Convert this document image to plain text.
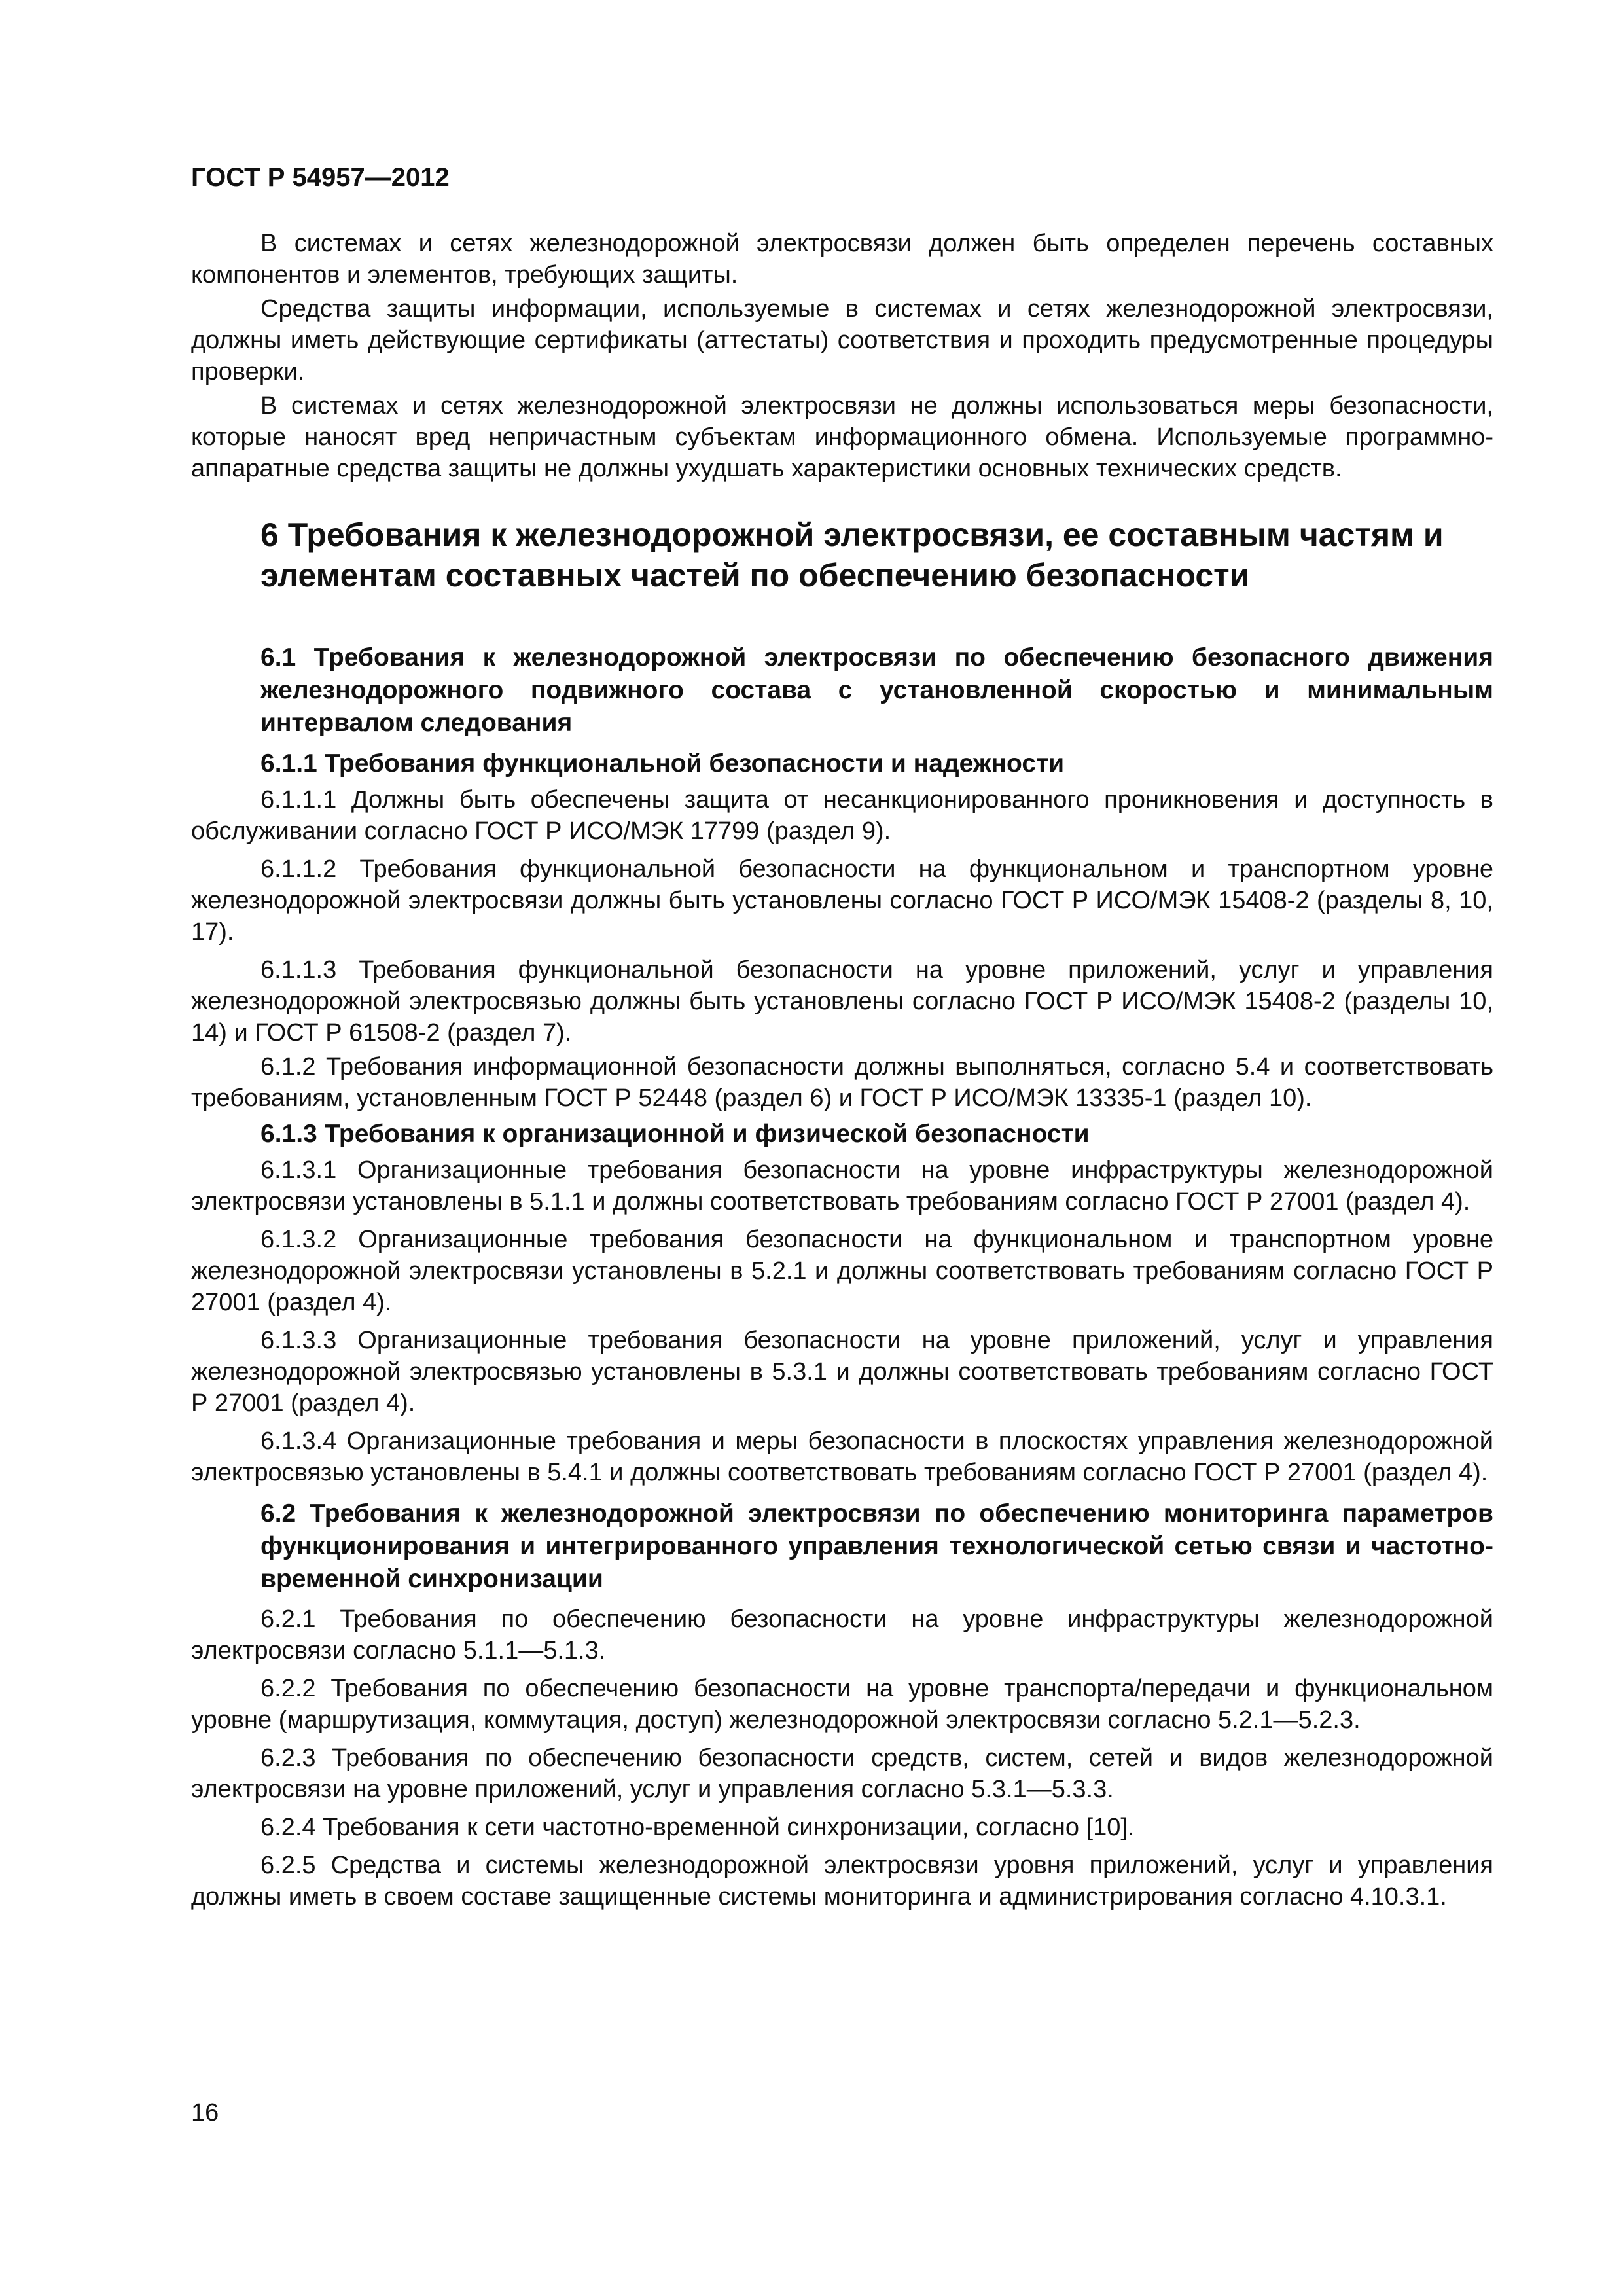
ГОСТ Р 54957—2012

В системах и сетях железнодорожной электросвязи должен быть определен перечень составных компонентов и элементов, требующих защиты.

Средства защиты информации, используемые в системах и сетях железнодорожной электросвязи, должны иметь действующие сертификаты (аттестаты) соответствия и проходить предусмотренные процедуры проверки.

В системах и сетях железнодорожной электросвязи не должны использоваться меры безопасности, которые наносят вред непричастным субъектам информационного обмена. Используемые программно-аппаратные средства защиты не должны ухудшать характеристики основных технических средств.

6 Требования к железнодорожной электросвязи, ее составным частям и элементам составных частей по обеспечению безопасности
6.1 Требования к железнодорожной электросвязи по обеспечению безопасного движения железнодорожного подвижного состава с установленной скоростью и минимальным интервалом следования
6.1.1 Требования функциональной безопасности и надежности

6.1.1.1 Должны быть обеспечены защита от несанкционированного проникновения и доступность в обслуживании согласно ГОСТ Р ИСО/МЭК 17799 (раздел 9).

6.1.1.2 Требования функциональной безопасности на функциональном и транспортном уровне железнодорожной электросвязи должны быть установлены согласно ГОСТ Р ИСО/МЭК 15408-2 (разделы 8, 10, 17).

6.1.1.3 Требования функциональной безопасности на уровне приложений, услуг и управления железнодорожной электросвязью должны быть установлены согласно ГОСТ Р ИСО/МЭК 15408-2 (разделы 10, 14) и ГОСТ Р 61508-2 (раздел 7).

6.1.2 Требования информационной безопасности должны выполняться, согласно 5.4 и соответствовать требованиям, установленным ГОСТ Р 52448 (раздел 6) и ГОСТ Р ИСО/МЭК 13335-1 (раздел 10).

6.1.3 Требования к организационной и физической безопасности

6.1.3.1 Организационные требования безопасности на уровне инфраструктуры железнодорожной электросвязи установлены в 5.1.1 и должны соответствовать требованиям согласно ГОСТ Р 27001 (раздел 4).

6.1.3.2 Организационные требования безопасности на функциональном и транспортном уровне железнодорожной электросвязи установлены в 5.2.1 и должны соответствовать требованиям согласно ГОСТ Р 27001 (раздел 4).

6.1.3.3 Организационные требования безопасности на уровне приложений, услуг и управления железнодорожной электросвязью установлены в 5.3.1 и должны соответствовать требованиям согласно ГОСТ Р 27001 (раздел 4).

6.1.3.4 Организационные требования и меры безопасности в плоскостях управления железнодорожной электросвязью установлены в 5.4.1 и должны соответствовать требованиям согласно ГОСТ Р 27001 (раздел 4).

6.2 Требования к железнодорожной электросвязи по обеспечению мониторинга параметров функционирования и интегрированного управления технологической сетью связи и частотно-временной синхронизации

6.2.1 Требования по обеспечению безопасности на уровне инфраструктуры железнодорожной электросвязи согласно 5.1.1—5.1.3.

6.2.2 Требования по обеспечению безопасности на уровне транспорта/передачи и функциональном уровне (маршрутизация, коммутация, доступ) железнодорожной электросвязи согласно 5.2.1—5.2.3.

6.2.3 Требования по обеспечению безопасности средств, систем, сетей и видов железнодорожной электросвязи на уровне приложений, услуг и управления согласно 5.3.1—5.3.3.

6.2.4 Требования к сети частотно-временной синхронизации, согласно [10].

6.2.5 Средства и системы железнодорожной электросвязи уровня приложений, услуг и управления должны иметь в своем составе защищенные системы мониторинга и администрирования согласно 4.10.3.1.

16
